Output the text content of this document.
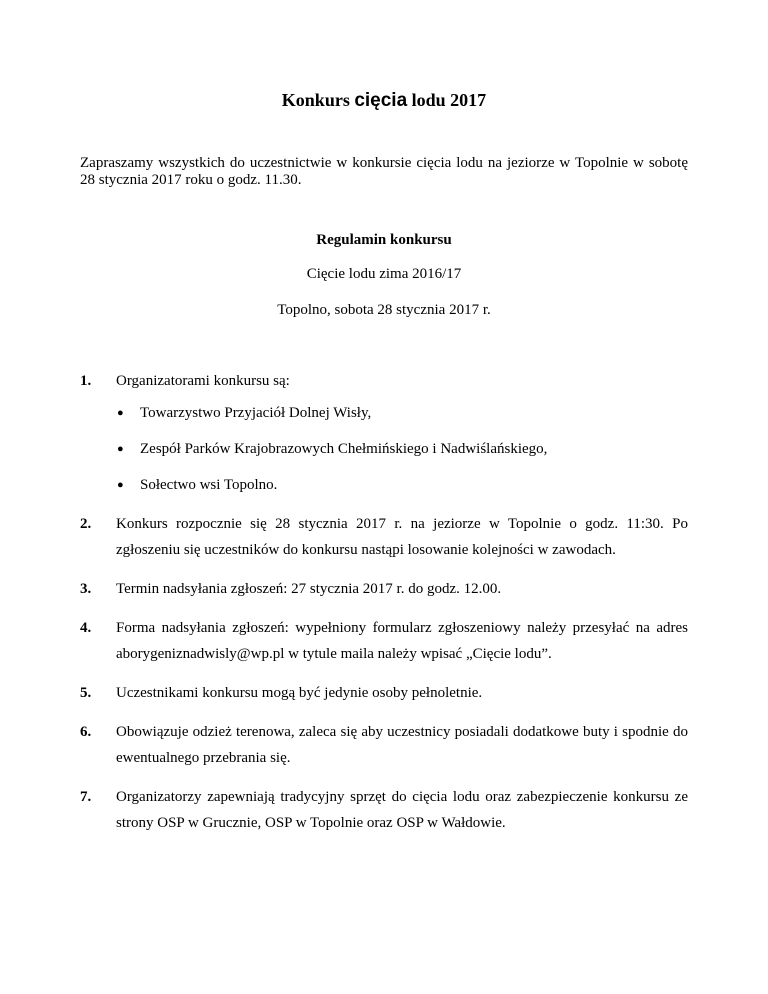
Konkurs cięcia lodu 2017

Zapraszamy wszystkich do uczestnictwie w konkursie cięcia lodu na jeziorze w Topolnie w sobotę 28 stycznia 2017 roku o godz. 11.30.

Regulamin konkursu

Cięcie lodu zima 2016/17

Topolno, sobota 28 stycznia 2017 r.

1. Organizatorami konkursu są:
● Towarzystwo Przyjaciół Dolnej Wisły,
● Zespół Parków Krajobrazowych Chełmińskiego i Nadwiślańskiego,
● Sołectwo wsi Topolno.
2. Konkurs rozpocznie się 28 stycznia 2017 r. na jeziorze w Topolnie o godz. 11:30. Po zgłoszeniu się uczestników do konkursu nastąpi losowanie kolejności w zawodach.
3. Termin nadsyłania zgłoszeń: 27 stycznia 2017 r. do godz. 12.00.
4. Forma nadsyłania zgłoszeń: wypełniony formularz zgłoszeniowy należy przesyłać na adres aborygeniznadwisly@wp.pl w tytule maila należy wpisać „Cięcie lodu”.
5. Uczestnikami konkursu mogą być jedynie osoby pełnoletnie.
6. Obowiązuje odzież terenowa, zaleca się aby uczestnicy posiadali dodatkowe buty i spodnie do ewentualnego przebrania się.
7. Organizatorzy zapewniają tradycyjny sprzęt do cięcia lodu oraz zabezpieczenie konkursu ze strony OSP w Grucznie, OSP w Topolnie oraz OSP w Wałdowie.
